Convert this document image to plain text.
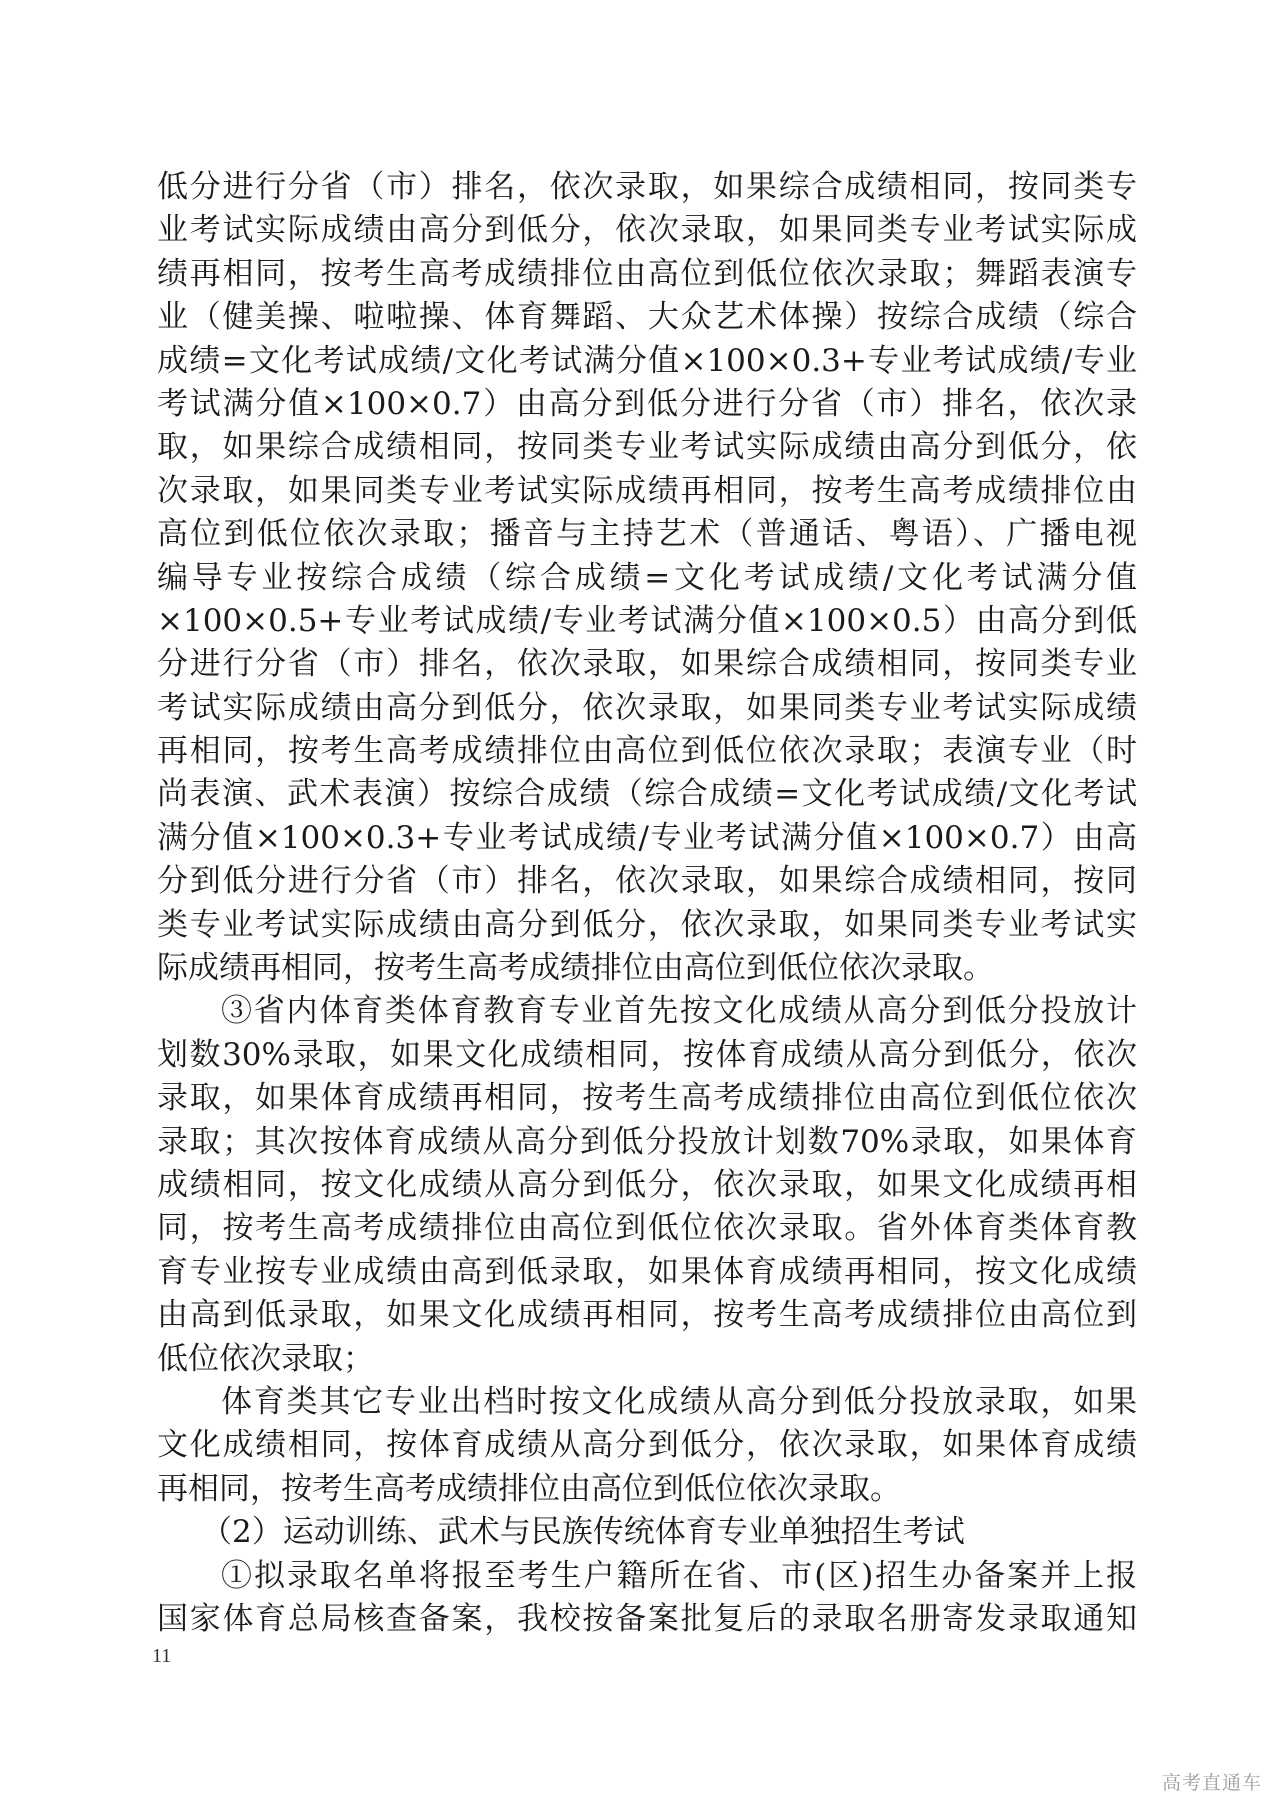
低分进行分省（市）排名，依次录取，如果综合成绩相同，按同类专
业考试实际成绩由高分到低分，依次录取，如果同类专业考试实际成
绩再相同，按考生高考成绩排位由高位到低位依次录取；舞蹈表演专
业（健美操、啦啦操、体育舞蹈、大众艺术体操）按综合成绩（综合
成绩=文化考试成绩/文化考试满分值×100×0.3+专业考试成绩/专业
考试满分值×100×0.7）由高分到低分进行分省（市）排名，依次录
取，如果综合成绩相同，按同类专业考试实际成绩由高分到低分，依
次录取，如果同类专业考试实际成绩再相同，按考生高考成绩排位由
高位到低位依次录取；播音与主持艺术（普通话、粤语）、广播电视
编导专业按综合成绩（综合成绩=文化考试成绩/文化考试满分值
×100×0.5+专业考试成绩/专业考试满分值×100×0.5）由高分到低
分进行分省（市）排名，依次录取，如果综合成绩相同，按同类专业
考试实际成绩由高分到低分，依次录取，如果同类专业考试实际成绩
再相同，按考生高考成绩排位由高位到低位依次录取；表演专业（时
尚表演、武术表演）按综合成绩（综合成绩=文化考试成绩/文化考试
满分值×100×0.3+专业考试成绩/专业考试满分值×100×0.7）由高
分到低分进行分省（市）排名，依次录取，如果综合成绩相同，按同
类专业考试实际成绩由高分到低分，依次录取，如果同类专业考试实
际成绩再相同，按考生高考成绩排位由高位到低位依次录取。
③省内体育类体育教育专业首先按文化成绩从高分到低分投放计
划数30%录取，如果文化成绩相同，按体育成绩从高分到低分，依次
录取，如果体育成绩再相同，按考生高考成绩排位由高位到低位依次
录取；其次按体育成绩从高分到低分投放计划数70%录取，如果体育
成绩相同，按文化成绩从高分到低分，依次录取，如果文化成绩再相
同，按考生高考成绩排位由高位到低位依次录取。省外体育类体育教
育专业按专业成绩由高到低录取，如果体育成绩再相同，按文化成绩
由高到低录取，如果文化成绩再相同，按考生高考成绩排位由高位到
低位依次录取；
体育类其它专业出档时按文化成绩从高分到低分投放录取，如果
文化成绩相同，按体育成绩从高分到低分，依次录取，如果体育成绩
再相同，按考生高考成绩排位由高位到低位依次录取。
（2）运动训练、武术与民族传统体育专业单独招生考试
①拟录取名单将报至考生户籍所在省、市(区)招生办备案并上报
国家体育总局核查备案，我校按备案批复后的录取名册寄发录取通知
11
高考直通车
